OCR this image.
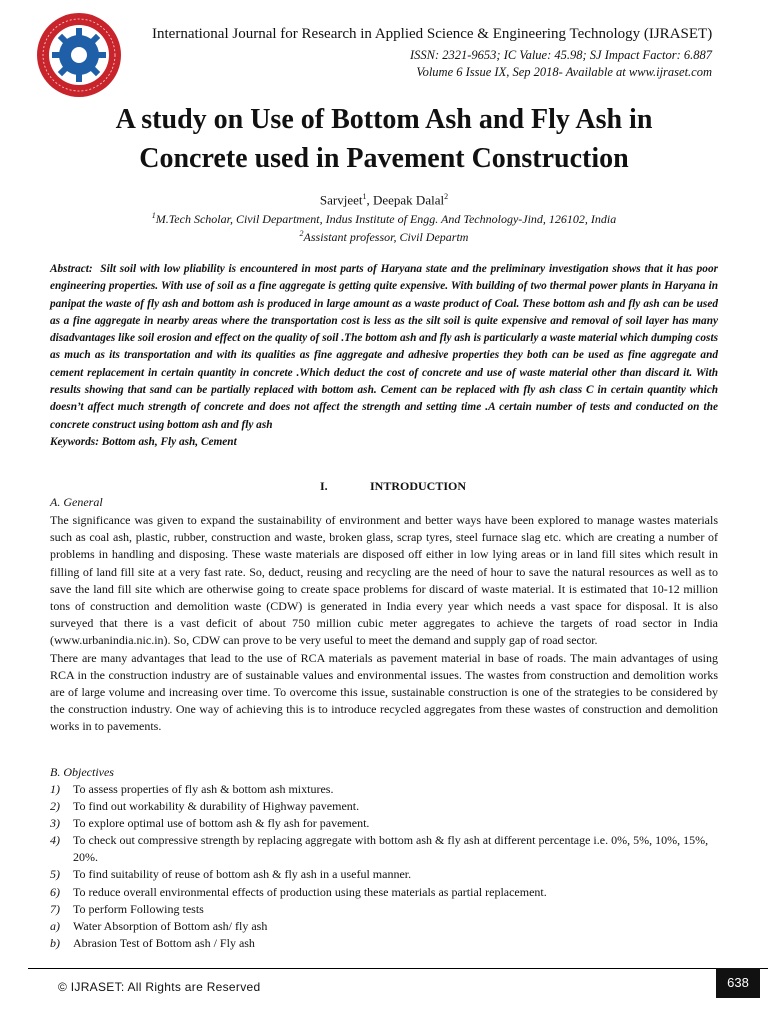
International Journal for Research in Applied Science & Engineering Technology (IJRASET)
ISSN: 2321-9653; IC Value: 45.98; SJ Impact Factor: 6.887
Volume 6 Issue IX, Sep 2018- Available at www.ijraset.com
A study on Use of Bottom Ash and Fly Ash in
Concrete used in Pavement Construction
Sarvjeet$^1$, Deepak Dalal$^2$
$^1$M.Tech Scholar, Civil Department, Indus Institute of Engg. And Technology-Jind, 126102, India
$^2$Assistant professor, Civil Departm
Abstract: Silt soil with low pliability is encountered in most parts of Haryana state and the preliminary investigation shows that it has poor engineering properties. With use of soil as a fine aggregate is getting quite expensive. With building of two thermal power plants in Haryana in panipat the waste of fly ash and bottom ash is produced in large amount as a waste product of Coal. These bottom ash and fly ash can be used as a fine aggregate in nearby areas where the transportation cost is less as the silt soil is quite expensive and removal of soil layer has many disadvantages like soil erosion and effect on the quality of soil .The bottom ash and fly ash is particularly a waste material which dumping costs as much as its transportation and with its qualities as fine aggregate and adhesive properties they both can be used as fine aggregate and cement replacement in certain quantity in concrete .Which deduct the cost of concrete and use of waste material other than discard it. With results showing that sand can be partially replaced with bottom ash. Cement can be replaced with fly ash class C in certain quantity which doesn’t affect much strength of concrete and does not affect the strength and setting time .A certain number of tests and conducted on the concrete construct using bottom ash and fly ash
Keywords: Bottom ash, Fly ash, Cement
I.	INTRODUCTION
A. General

The significance was given to expand the sustainability of environment and better ways have been explored to manage wastes materials such as coal ash, plastic, rubber, construction and waste, broken glass, scrap tyres, steel furnace slag etc. which are creating a number of problems in handling and disposing. These waste materials are disposed off either in low lying areas or in land fill sites which result in filling of land fill site at a very fast rate. So, deduct, reusing and recycling are the need of hour to save the natural resources as well as to save the land fill site which are otherwise going to create space problems for discard of waste material. It is estimated that 10-12 million tons of construction and demolition waste (CDW) is generated in India every year which needs a vast space for disposal. It is also surveyed that there is a vast deficit of about 750 million cubic meter aggregates to achieve the targets of road sector in India (www.urbanindia.nic.in). So, CDW can prove to be very useful to meet the demand and supply gap of road sector.

There are many advantages that lead to the use of RCA materials as pavement material in base of roads. The main advantages of using RCA in the construction industry are of sustainable values and environmental issues. The wastes from construction and demolition works are of large volume and increasing over time. To overcome this issue, sustainable construction is one of the strategies to be considered by the construction industry. One way of achieving this is to introduce recycled aggregates from these wastes of construction and demolition works in to pavements.

B. Objectives
1) To assess properties of fly ash & bottom ash mixtures.
2) To find out workability & durability of Highway pavement.
3) To explore optimal use of bottom ash & fly ash for pavement.
4) To check out compressive strength by replacing aggregate with bottom ash & fly ash at different percentage i.e. 0%, 5%, 10%, 15%, 20%.
5) To find suitability of reuse of bottom ash & fly ash in a useful manner.
6) To reduce overall environmental effects of production using these materials as partial replacement.
7) To perform Following tests
a) Water Absorption of Bottom ash/ fly ash
b) Abrasion Test of Bottom ash / Fly ash
© IJRASET: All Rights are Reserved	638
